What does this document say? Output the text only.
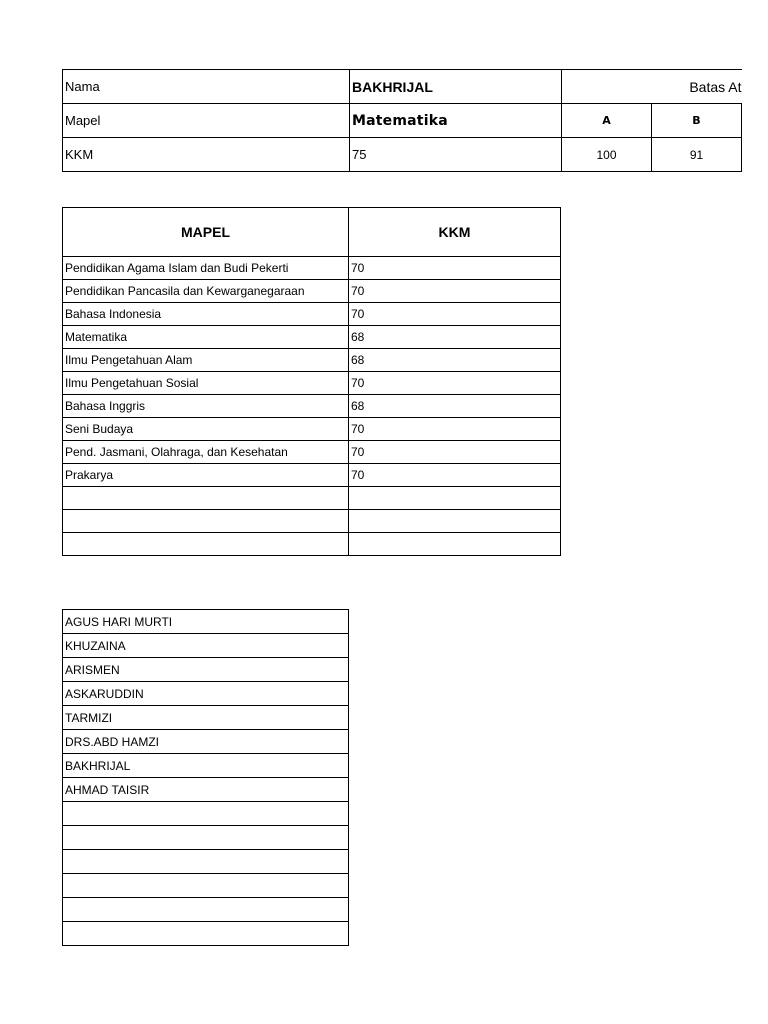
Nama	BAKHRIJAL	Batas At	
Mapel	Matematika	A	B
KKM	75	100	91
MAPEL	KKM
Pendidikan Agama Islam dan Budi Pekerti	70
Pendidikan Pancasila dan Kewarganegaraan	70
Bahasa Indonesia	70
Matematika	68
Ilmu Pengetahuan Alam	68
Ilmu Pengetahuan Sosial	70
Bahasa Inggris	68
Seni Budaya	70
Pend. Jasmani, Olahraga, dan Kesehatan	70
Prakarya	70

AGUS HARI MURTI
KHUZAINA
ARISMEN
ASKARUDDIN
TARMIZI
DRS.ABD HAMZI
BAKHRIJAL
AHMAD TAISIR
